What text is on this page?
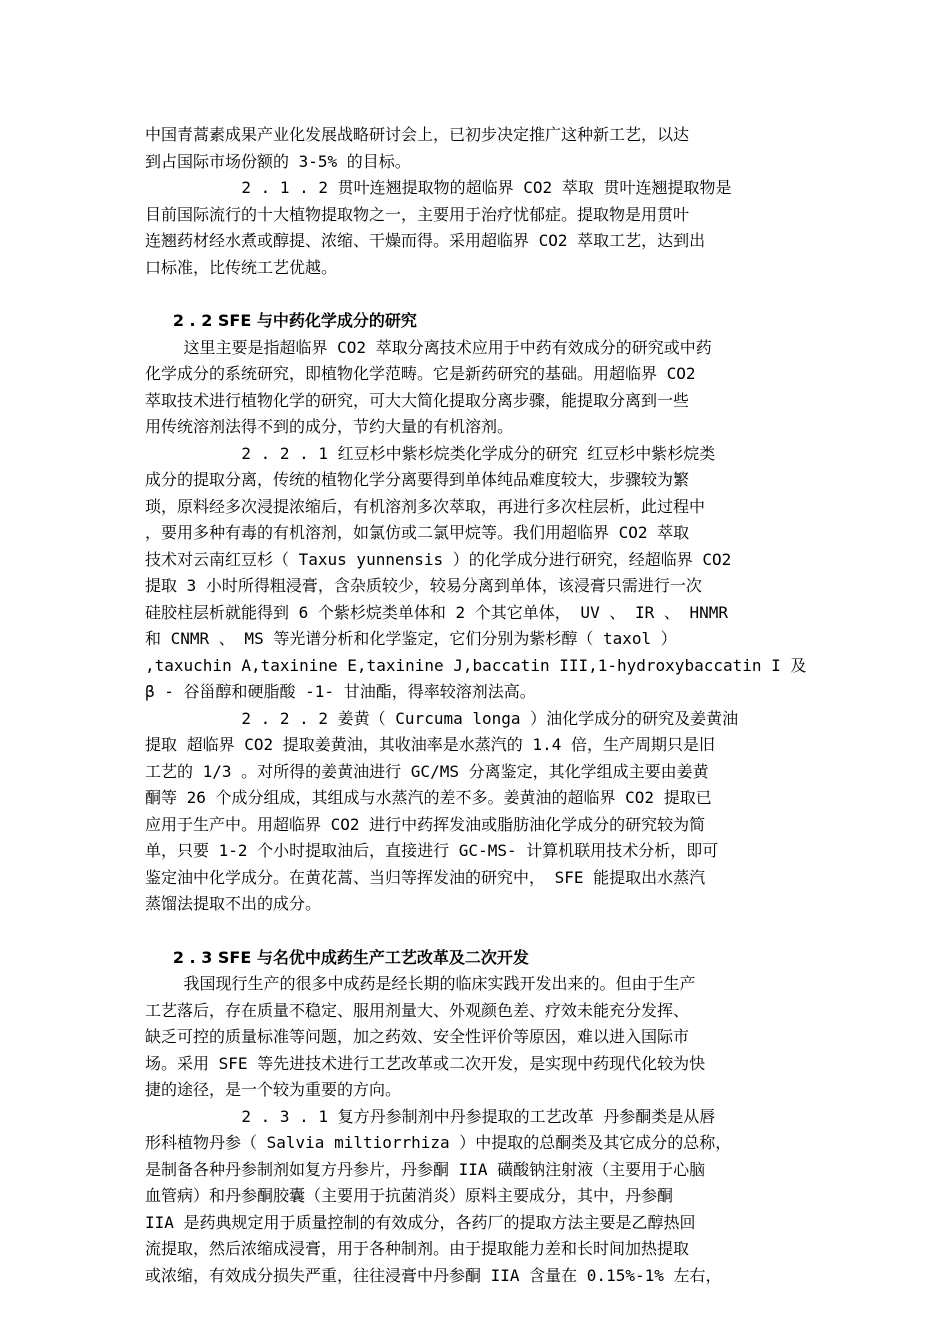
中国青蒿素成果产业化发展战略研讨会上，已初步决定推广这种新工艺，以达
到占国际市场份额的 3-5% 的目标。
2 . 1 . 2 贯叶连翘提取物的超临界 CO2 萃取 贯叶连翘提取物是
目前国际流行的十大植物提取物之一，主要用于治疗忧郁症。提取物是用贯叶
连翘药材经水煮或醇提、浓缩、干燥而得。采用超临界 CO2 萃取工艺，达到出
口标准，比传统工艺优越。
2 . 2 SFE 与中药化学成分的研究
这里主要是指超临界 CO2 萃取分离技术应用于中药有效成分的研究或中药
化学成分的系统研究，即植物化学范畴。它是新药研究的基础。用超临界 CO2
萃取技术进行植物化学的研究，可大大简化提取分离步骤，能提取分离到一些
用传统溶剂法得不到的成分，节约大量的有机溶剂。
2 . 2 . 1 红豆杉中紫杉烷类化学成分的研究 红豆杉中紫杉烷类
成分的提取分离，传统的植物化学分离要得到单体纯品难度较大，步骤较为繁
琐，原料经多次浸提浓缩后，有机溶剂多次萃取，再进行多次柱层析，此过程中
，要用多种有毒的有机溶剂，如氯仿或二氯甲烷等。我们用超临界 CO2 萃取
技术对云南红豆杉（ Taxus yunnensis ）的化学成分进行研究，经超临界 CO2
提取 3 小时所得粗浸膏，含杂质较少，较易分离到单体，该浸膏只需进行一次
硅胶柱层析就能得到 6 个紫杉烷类单体和 2 个其它单体， UV 、 IR 、 HNMR
和 CNMR 、 MS 等光谱分析和化学鉴定，它们分别为紫杉醇（ taxol ）
,taxuchin A,taxinine E,taxinine J,baccatin III,1-hydroxybaccatin I 及
β - 谷甾醇和硬脂酸 -1- 甘油酯，得率较溶剂法高。
2 . 2 . 2 姜黄（ Curcuma longa ）油化学成分的研究及姜黄油
提取 超临界 CO2 提取姜黄油，其收油率是水蒸汽的 1.4 倍，生产周期只是旧
工艺的 1/3 。对所得的姜黄油进行 GC/MS 分离鉴定，其化学组成主要由姜黄
酮等 26 个成分组成，其组成与水蒸汽的差不多。姜黄油的超临界 CO2 提取已
应用于生产中。用超临界 CO2 进行中药挥发油或脂肪油化学成分的研究较为简
单，只要 1-2 个小时提取油后，直接进行 GC-MS- 计算机联用技术分析，即可
鉴定油中化学成分。在黄花蒿、当归等挥发油的研究中， SFE 能提取出水蒸汽
蒸馏法提取不出的成分。
2 . 3 SFE 与名优中成药生产工艺改革及二次开发
我国现行生产的很多中成药是经长期的临床实践开发出来的。但由于生产
工艺落后，存在质量不稳定、服用剂量大、外观颜色差、疗效未能充分发挥、
缺乏可控的质量标准等问题，加之药效、安全性评价等原因，难以进入国际市
场。采用 SFE 等先进技术进行工艺改革或二次开发，是实现中药现代化较为快
捷的途径，是一个较为重要的方向。
2 . 3 . 1 复方丹参制剂中丹参提取的工艺改革 丹参酮类是从唇
形科植物丹参（ Salvia miltiorrhiza ）中提取的总酮类及其它成分的总称，
是制备各种丹参制剂如复方丹参片，丹参酮 IIA 磺酸钠注射液（主要用于心脑
血管病）和丹参酮胶囊（主要用于抗菌消炎）原料主要成分，其中，丹参酮
IIA 是药典规定用于质量控制的有效成分，各药厂的提取方法主要是乙醇热回
流提取，然后浓缩成浸膏，用于各种制剂。由于提取能力差和长时间加热提取
或浓缩，有效成分损失严重，往往浸膏中丹参酮 IIA 含量在 0.15%-1% 左右，
